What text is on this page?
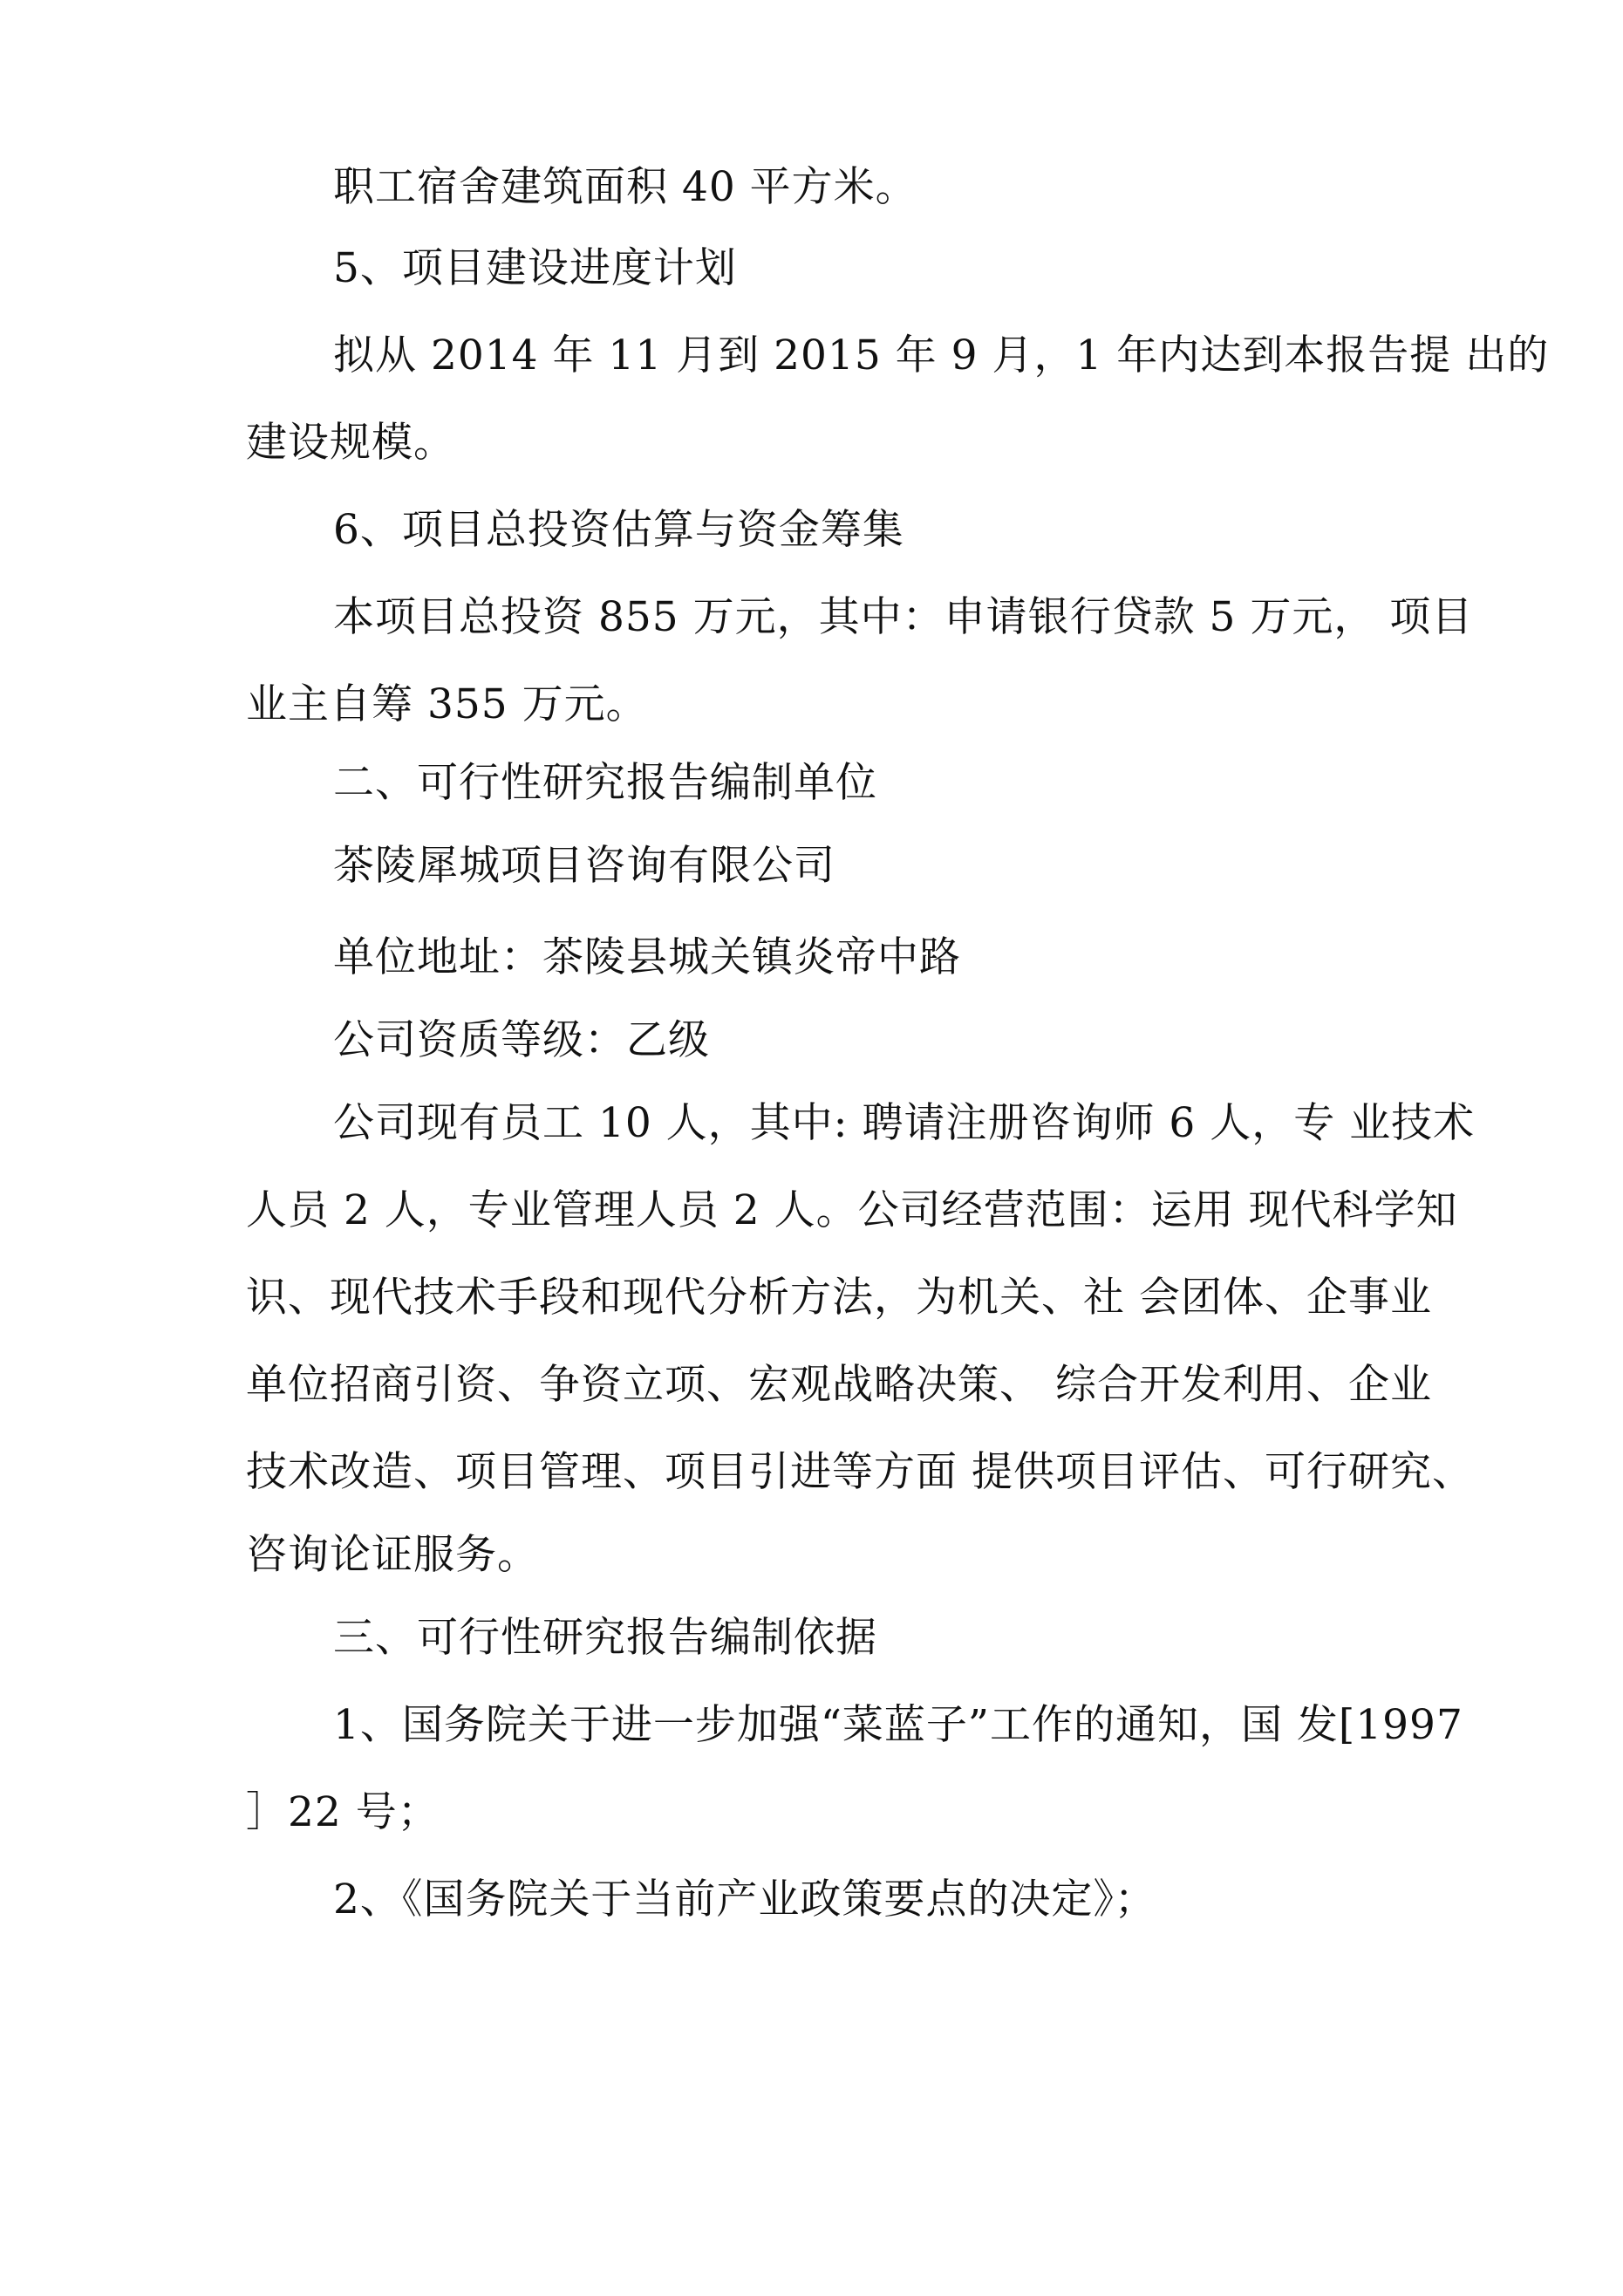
职工宿舍建筑面积 40 平方米。
5、项目建设进度计划
拟从 2014 年 11 月到 2015 年 9 月，1 年内达到本报告提 出的
建设规模。
6、项目总投资估算与资金筹集
本项目总投资 855 万元，其中：申请银行贷款 5 万元， 项目
业主自筹 355 万元。
二、可行性研究报告编制单位
茶陵犀城项目咨询有限公司
单位地址：茶陵县城关镇炎帝中路
公司资质等级：乙级
公司现有员工 10 人，其中: 聘请注册咨询师 6 人，专 业技术
人员 2 人，专业管理人员 2 人。公司经营范围：运用 现代科学知
识、现代技术手段和现代分析方法，为机关、社 会团体、企事业
单位招商引资、争资立项、宏观战略决策、 综合开发利用、企业
技术改造、项目管理、项目引进等方面 提供项目评估、可行研究、
咨询论证服务。
三、可行性研究报告编制依据
1、国务院关于进一步加强“菜蓝子”工作的通知，国 发[1997
］22 号；
2、《国务院关于当前产业政策要点的决定》；
